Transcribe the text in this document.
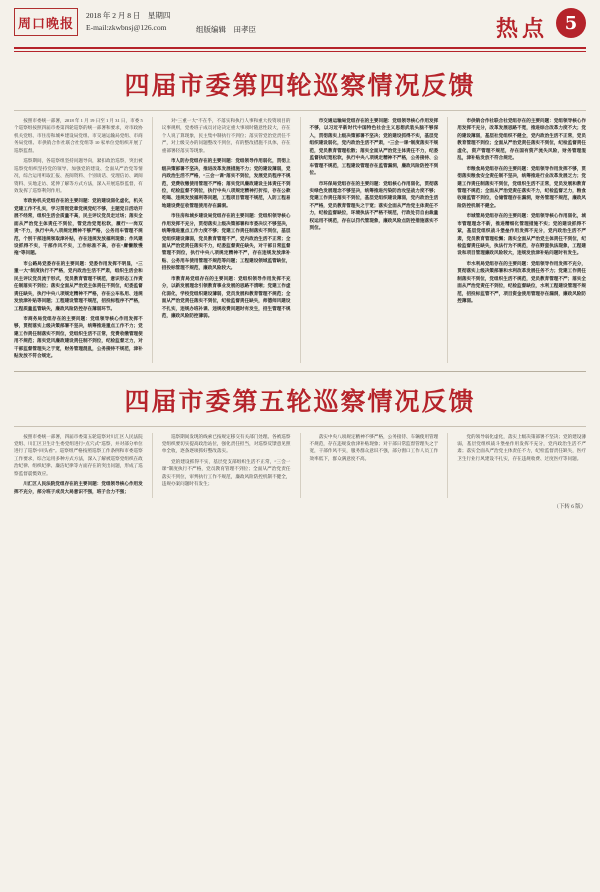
周口晚报
2018 年 2 月 8 日　星期四
E-mail:zkwbnsj@126.com	组版编辑　田孝臣	热点 5
四届市委第四轮巡察情况反馈

按照市委统一部署，2018 年 1 月 19 日至 1 月 31 日，市委 5 个巡察组按照四届市委第四轮巡察的统一部署和要求，对市政协机关党组、市住房和城乡建设局党组、市交通运输局党组、市商务局党组、市供销合作社联合社党组等 10 家单位党组织开展了巡察监督。

巡察期间，各巡察组坚持问题导向，紧扣政治巡察，突出被巡察党组织坚持党的领导、加强党的建设、全面从严治党等情况，综合运用听取汇报、查阅资料、个别谈话、受理信访、调阅资料、实地走访、延伸了解等方式方法，深入开展巡察监督，有效发挥了巡察利剑作用。

市政协机关党组存在的主要问题：党的建设弱化虚化，机关党建工作不扎实，学习贯彻党章党规党纪不够，主题党日活动开展不经常，组织生活会质量不高，民主评议党员走过场；落实全面从严治党主体责任不到位，管党治党宽松软，履行“一岗双责”不力，执行中央八项规定精神不够严格，公务用车管理不规范，个别干部违规领取津补贴，存在违规发放福利现象；作风建设抓得不实，干部作风不实，工作标准不高，存在“庸懒散慢拖”等问题。

市公路局党委存在的主要问题：党委作用发挥不明显，“三重一大”制度执行不严格，党内政治生活不严肃，组织生活会和民主评议党员流于形式，党员教育管理不规范，意识形态工作责任制落实不到位；落实全面从严治党主体责任不到位，纪委监督责任缺失，执行中央八项规定精神不严格，存在公车私用、违规发放津补贴等问题；工程建设管理不规范，招投标程序不严格，工程质量监管缺失，廉政风险防控存在薄弱环节。

市商务局党组存在的主要问题：党组领导核心作用发挥不够，贯彻落实上级决策部署不坚决，统筹推进重点工作不力；党建工作责任制落实不到位，党组织生活不正常，党费收缴管理使用不规范；落实党风廉政建设责任制不到位，纪检监督乏力，对干部监督管理失之于宽，财务管理混乱，公务接待不规范，津补贴发放不符合规定。

对“三重一大”不在乎，不落实和执行人事和重大投资项目的议事规则，党委班子成员讨论决定重大事项时随意性较大，存在个人说了算现象，民主集中制执行不到位；落实管党治党责任不严，对上级交办的问题整改不到位，有的整改措施不具体，存在重部署轻落实等现象。

市人防办党组存在的主要问题：党组领导作用弱化，贯彻上级决策部署不坚决，推进改革发展措施不力；党的建设薄弱，党内政治生活不严格，“三会一课”落实不到位，发展党员程序不规范，党费收缴使用管理不严格；落实党风廉政建设主体责任不到位，纪检监督不到位，执行中央八项规定精神打折扣，存在公款吃喝、违规发放福利等问题，工程项目管理不规范，人防工程易地建设费征收管理使用存在漏洞。

市住房和城乡建设局党组存在的主要问题：党组织领导核心作用发挥不充分，贯彻落实上级决策部署和市委决议不够坚决，统筹推进重点工作力度不够；党建工作责任制落实不到位，基层党组织建设薄弱，党员教育管理不严，党内政治生活不正常；全面从严治党责任落实不力，纪委监督责任缺失，对干部日常监督管理不到位，执行中央八项规定精神不严，存在违规发放津补贴、公务用车使用管理不规范等问题；工程建设领域监管缺位，招投标管理不规范，廉政风险较大。

市教育局党组存在的主要问题：党组织领导作用发挥不充分，以新发展理念引领教育事业发展的思路不清晰；党建工作虚化弱化，学校党组织建设薄弱，党员发展和教育管理不规范；全面从严治党责任落实不到位，纪检监督责任缺失，师德师风建设不扎实，违规办班补课、违规收费问题时有发生，招生管理不规范，廉政风险防控薄弱。

市交通运输局党组存在的主要问题：党组领导核心作用发挥不够，以习近平新时代中国特色社会主义思想武装头脑不够深入，贯彻落实上级决策部署不坚决；党的建设抓得不实，基层党组织建设弱化，党内政治生活不严肃，“三会一课”制度落实不规范，党员教育管理松散；落实全面从严治党主体责任不力，纪委监督执纪宽松软，执行中央八项规定精神不严格，公务接待、公车管理不规范，工程建设管理存在监管漏洞，廉政风险防控不到位。

市环保局党组存在的主要问题：党组核心作用弱化，贯彻落实绿色发展理念不够坚决，统筹推进污染防治攻坚战力度不够；党建工作责任落实不到位，基层党组织建设薄弱，党内政治生活不严格，党员教育管理失之于宽；落实全面从严治党主体责任不力，纪检监督缺位，环境执法不严格不规范，行政处罚自由裁量权运用不规范，存在以罚代管现象，廉政风险点防控措施落实不到位。

市供销合作社联合社党组存在的主要问题：党组领导核心作用发挥不充分，改革发展思路不宽，推进综合改革力度不大；党的建设薄弱，基层社党组织不健全，党内政治生活不正常，党员教育管理不到位；全面从严治党责任落实不到位，纪检监督责任虚化，资产管理不规范，存在国有资产流失风险，财务管理混乱，津补贴发放不符合规定。

市粮食局党组存在的主要问题：党组领导作用发挥不够，贯彻落实粮食安全责任制不坚决，统筹推进行业改革发展乏力；党建工作责任制落实不到位，党组织生活不正常，党员发展和教育管理不规范；全面从严治党责任落实不力，纪检监督乏力，粮食收储监管不到位，仓储管理存在漏洞，财务管理不规范，廉政风险防控机制不健全。

市城管局党组存在的主要问题：党组领导核心作用弱化，城市管理理念不新，推进精细化管理措施不实；党的建设抓得不紧，基层党组织战斗堡垒作用发挥不充分，党内政治生活不严肃，党员教育管理松懈；落实全面从严治党主体责任不到位，纪检监督责任缺失，执法行为不规范，存在野蛮执法现象，工程建设和项目管理廉政风险较大，违规发放津补贴问题时有发生。

市水利局党组存在的主要问题：党组领导作用发挥不充分，贯彻落实上级决策部署和水利改革发展任务不力；党建工作责任制落实不到位，党组织生活不规范，党员教育管理不严；落实全面从严治党责任不到位，纪检监督缺位，水利工程建设管理不规范，招投标监管不严，项目资金使用管理存在漏洞，廉政风险防控薄弱。

四届市委第五轮巡察情况反馈

按照市委统一部署，四届市委第五轮巡察对川汇区人民法院党组、川汇区卫生计生委党组进行“点穴式”巡察，并对部分单位进行了巡察“回头看”。巡察组严格按照巡察工作条例和市委巡察工作要求，综合运用多种方式方法，深入了解被巡察党组织在政治纪律、组织纪律、廉洁纪律等方面存在的突出问题，形成了巡察监督震慑效应。

川汇区人民法院党组存在的主要问题：党组领导核心作用发挥不充分，部分班子成员大局意识不强，班子合力不强；

巡察期间发现的线索已按规定移交有关部门处理。各被巡察党组织要切实提高政治站位，强化责任担当，对巡察反馈意见照单全收，逐条逐项抓好整改落实。

党的建设抓得不实，基层党支部组织生活不正常，“三会一课”制度执行不严格，党员教育管理不到位；全面从严治党责任落实不到位，审判执行工作不规范，廉政风险防控机制不健全，违规办案问题时有发生；

落实中央八项规定精神不够严格，公务接待、车辆使用管理不规范，存在违规发放津补贴现象；对干部日常监督管理失之于宽，干部作风不实，服务群众意识不强，部分窗口工作人员工作效率低下，群众满意度不高。

党的领导弱化虚化，落实上级决策部署不坚决；党的建设薄弱，基层党组织战斗堡垒作用发挥不充分，党内政治生活不严肃；落实全面从严治党主体责任不力，纪检监督责任缺失，医疗卫生行业行风建设不扎实，存在违规收费、过度医疗等问题。

（下转 6 版）
